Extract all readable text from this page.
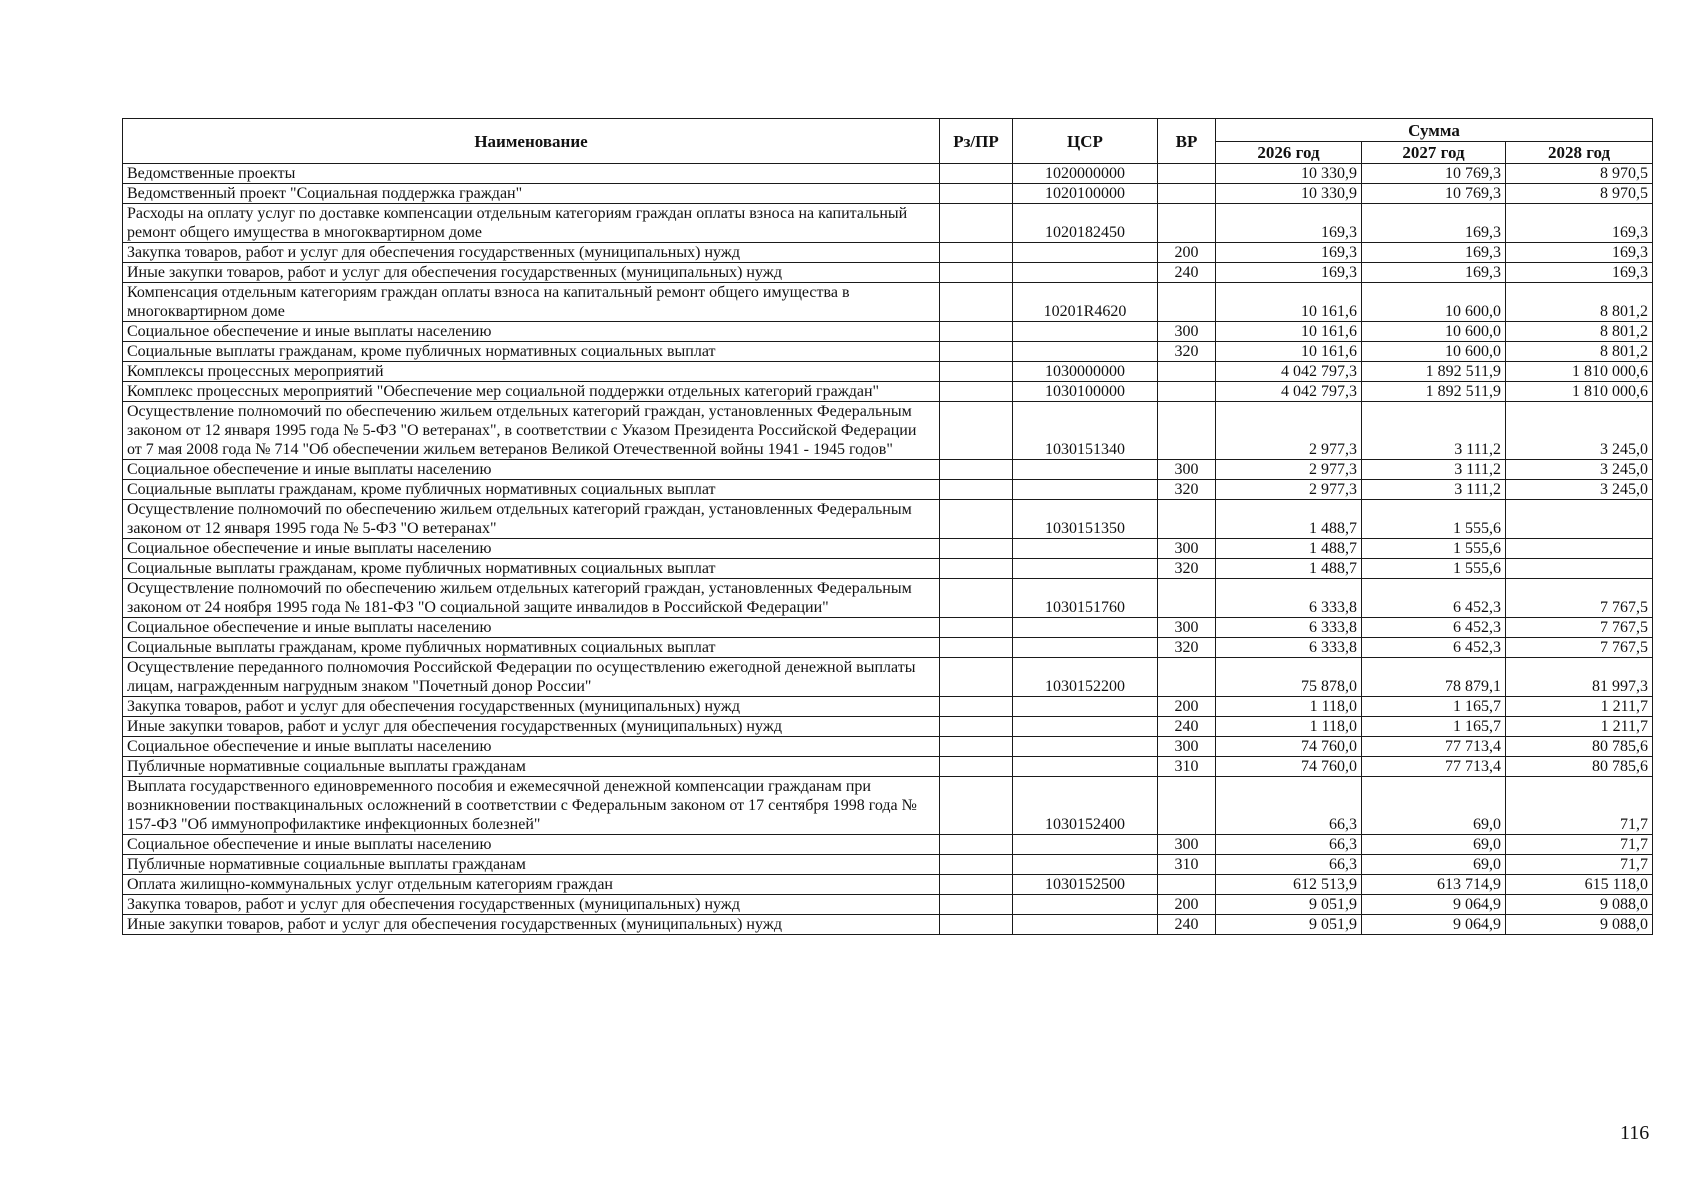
Наименование	Рз/ПР	ЦСР	ВР	Сумма		
				2026 год	2027 год	2028 год
Ведомственные проекты		1020000000		10 330,9	10 769,3	8 970,5
Ведомственный проект "Социальная поддержка граждан"		1020100000		10 330,9	10 769,3	8 970,5
Расходы на оплату услуг по доставке компенсации отдельным категориям граждан оплаты взноса на капитальный ремонт общего имущества в многоквартирном доме		1020182450		169,3	169,3	169,3
Закупка товаров, работ и услуг для обеспечения государственных (муниципальных) нужд			200	169,3	169,3	169,3
Иные закупки товаров, работ и услуг для обеспечения государственных (муниципальных) нужд			240	169,3	169,3	169,3
Компенсация отдельным категориям граждан оплаты взноса на капитальный ремонт общего имущества в многоквартирном доме		10201R4620		10 161,6	10 600,0	8 801,2
Социальное обеспечение и иные выплаты населению			300	10 161,6	10 600,0	8 801,2
Социальные выплаты гражданам, кроме публичных нормативных социальных выплат			320	10 161,6	10 600,0	8 801,2
Комплексы процессных мероприятий		1030000000		4 042 797,3	1 892 511,9	1 810 000,6
Комплекс процессных мероприятий "Обеспечение мер социальной поддержки отдельных категорий граждан"		1030100000		4 042 797,3	1 892 511,9	1 810 000,6
Осуществление полномочий по обеспечению жильем отдельных категорий граждан, установленных Федеральным законом от 12 января 1995 года № 5-ФЗ "О ветеранах", в соответствии с Указом Президента Российской Федерации от 7 мая 2008 года № 714 "Об обеспечении жильем ветеранов Великой Отечественной войны 1941 - 1945 годов"		1030151340		2 977,3	3 111,2	3 245,0
Социальное обеспечение и иные выплаты населению			300	2 977,3	3 111,2	3 245,0
Социальные выплаты гражданам, кроме публичных нормативных социальных выплат			320	2 977,3	3 111,2	3 245,0
Осуществление полномочий по обеспечению жильем отдельных категорий граждан, установленных Федеральным законом от 12 января 1995 года № 5-ФЗ "О ветеранах"		1030151350		1 488,7	1 555,6	
Социальное обеспечение и иные выплаты населению			300	1 488,7	1 555,6	
Социальные выплаты гражданам, кроме публичных нормативных социальных выплат			320	1 488,7	1 555,6	
Осуществление полномочий по обеспечению жильем отдельных категорий граждан, установленных Федеральным законом от 24 ноября 1995 года № 181-ФЗ "О социальной защите инвалидов в Российской Федерации"		1030151760		6 333,8	6 452,3	7 767,5
Социальное обеспечение и иные выплаты населению			300	6 333,8	6 452,3	7 767,5
Социальные выплаты гражданам, кроме публичных нормативных социальных выплат			320	6 333,8	6 452,3	7 767,5
Осуществление переданного полномочия Российской Федерации по осуществлению ежегодной денежной выплаты лицам, награжденным нагрудным знаком "Почетный донор России"		1030152200		75 878,0	78 879,1	81 997,3
Закупка товаров, работ и услуг для обеспечения государственных (муниципальных) нужд			200	1 118,0	1 165,7	1 211,7
Иные закупки товаров, работ и услуг для обеспечения государственных (муниципальных) нужд			240	1 118,0	1 165,7	1 211,7
Социальное обеспечение и иные выплаты населению			300	74 760,0	77 713,4	80 785,6
Публичные нормативные социальные выплаты гражданам			310	74 760,0	77 713,4	80 785,6
Выплата государственного единовременного пособия и ежемесячной денежной компенсации гражданам при возникновении поствакцинальных осложнений в соответствии с Федеральным законом от 17 сентября 1998 года № 157-ФЗ "Об иммунопрофилактике инфекционных болезней"		1030152400		66,3	69,0	71,7
Социальное обеспечение и иные выплаты населению			300	66,3	69,0	71,7
Публичные нормативные социальные выплаты гражданам			310	66,3	69,0	71,7
Оплата жилищно-коммунальных услуг отдельным категориям граждан		1030152500		612 513,9	613 714,9	615 118,0
Закупка товаров, работ и услуг для обеспечения государственных (муниципальных) нужд			200	9 051,9	9 064,9	9 088,0
Иные закупки товаров, работ и услуг для обеспечения государственных (муниципальных) нужд			240	9 051,9	9 064,9	9 088,0
116
